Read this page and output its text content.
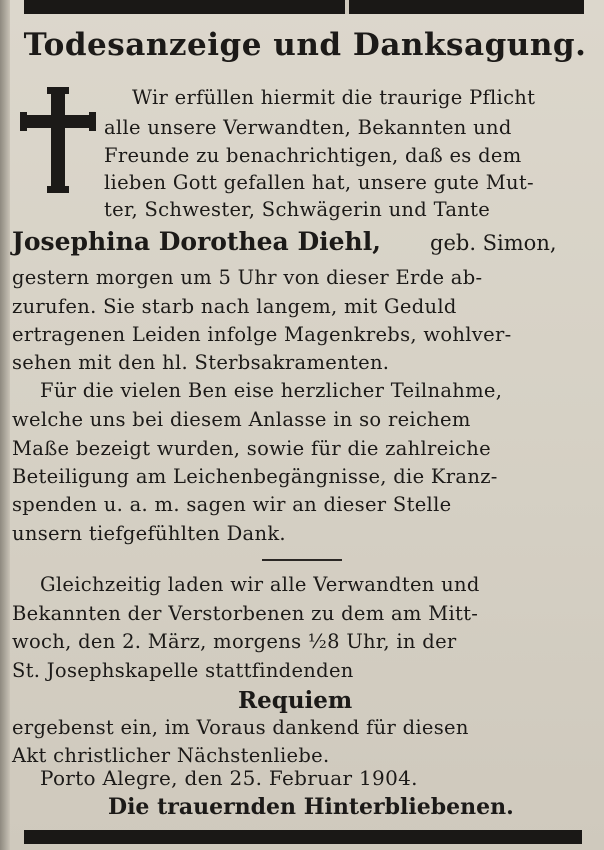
Todesanzeige und Danksagung.
Wir erfüllen hiermit die traurige Pflicht
alle unsere Verwandten, Bekannten und
Freunde zu benachrichtigen, daß es dem
lieben Gott gefallen hat, unsere gute Mut-
ter, Schwester, Schwägerin und Tante
Josephina Dorothea Diehl, geb. Simon,
gestern morgen um 5 Uhr von dieser Erde ab-
zurufen. Sie starb nach langem, mit Geduld
ertragenen Leiden infolge Magenkrebs, wohlver-
sehen mit den hl. Sterbsakramenten.
Für die vielen Ben eise herzlicher Teilnahme,
welche uns bei diesem Anlasse in so reichem
Maße bezeigt wurden, sowie für die zahlreiche
Beteiligung am Leichenbegängnisse, die Kranz-
spenden u. a. m. sagen wir an dieser Stelle
unsern tiefgefühlten Dank.
Gleichzeitig laden wir alle Verwandten und
Bekannten der Verstorbenen zu dem am Mitt-
woch, den 2. März, morgens ½8 Uhr, in der
St. Josephskapelle stattfindenden
Requiem
ergebenst ein, im Voraus dankend für diesen
Akt christlicher Nächstenliebe.
Porto Alegre, den 25. Februar 1904.
Die trauernden Hinterbliebenen.
